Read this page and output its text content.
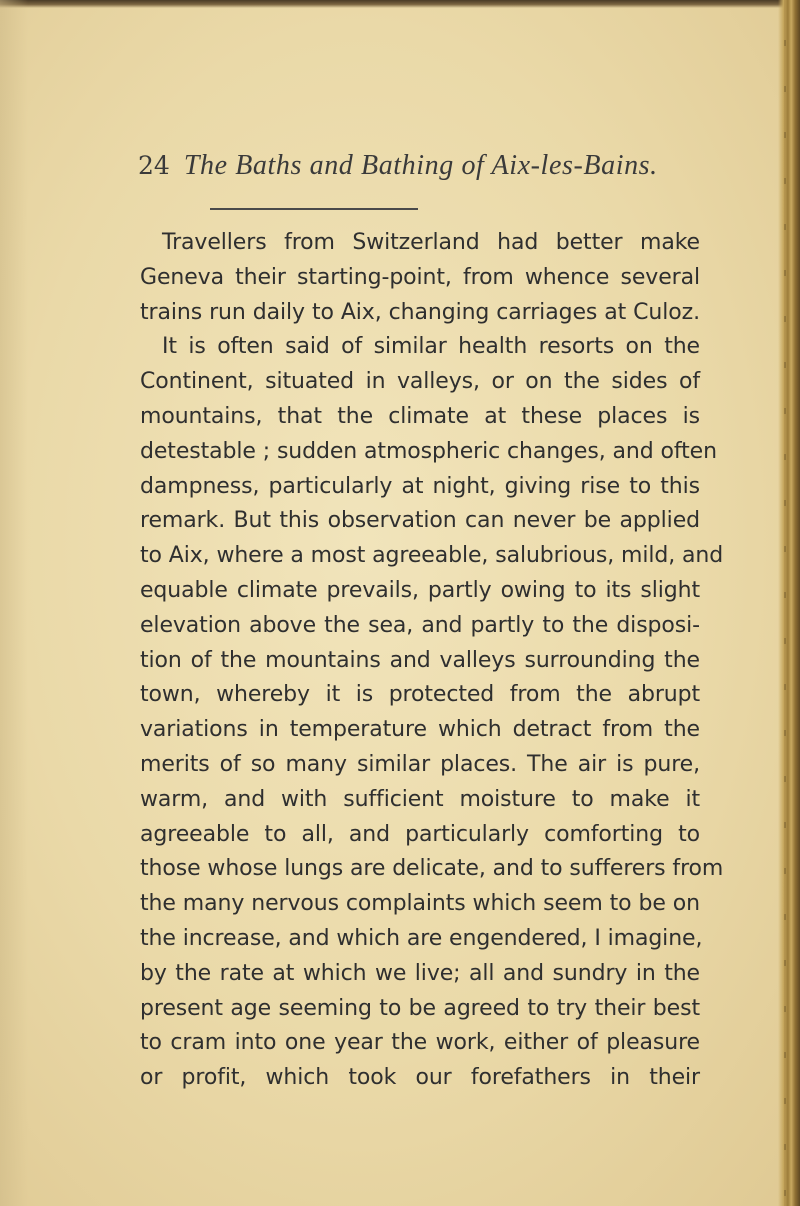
24 The Baths and Bathing of Aix-les-Bains.
Travellers from Switzerland had better make
Geneva their starting-point, from whence several
trains run daily to Aix, changing carriages at Culoz.
It is often said of similar health resorts on the
Continent, situated in valleys, or on the sides of
mountains, that the climate at these places is
detestable ; sudden atmospheric changes, and often
dampness, particularly at night, giving rise to this
remark. But this observation can never be applied
to Aix, where a most agreeable, salubrious, mild, and
equable climate prevails, partly owing to its slight
elevation above the sea, and partly to the disposi-
tion of the mountains and valleys surrounding the
town, whereby it is protected from the abrupt
variations in temperature which detract from the
merits of so many similar places. The air is pure,
warm, and with sufficient moisture to make it
agreeable to all, and particularly comforting to
those whose lungs are delicate, and to sufferers from
the many nervous complaints which seem to be on
the increase, and which are engendered, I imagine,
by the rate at which we live; all and sundry in the
present age seeming to be agreed to try their best
to cram into one year the work, either of pleasure
or profit, which took our forefathers in their
